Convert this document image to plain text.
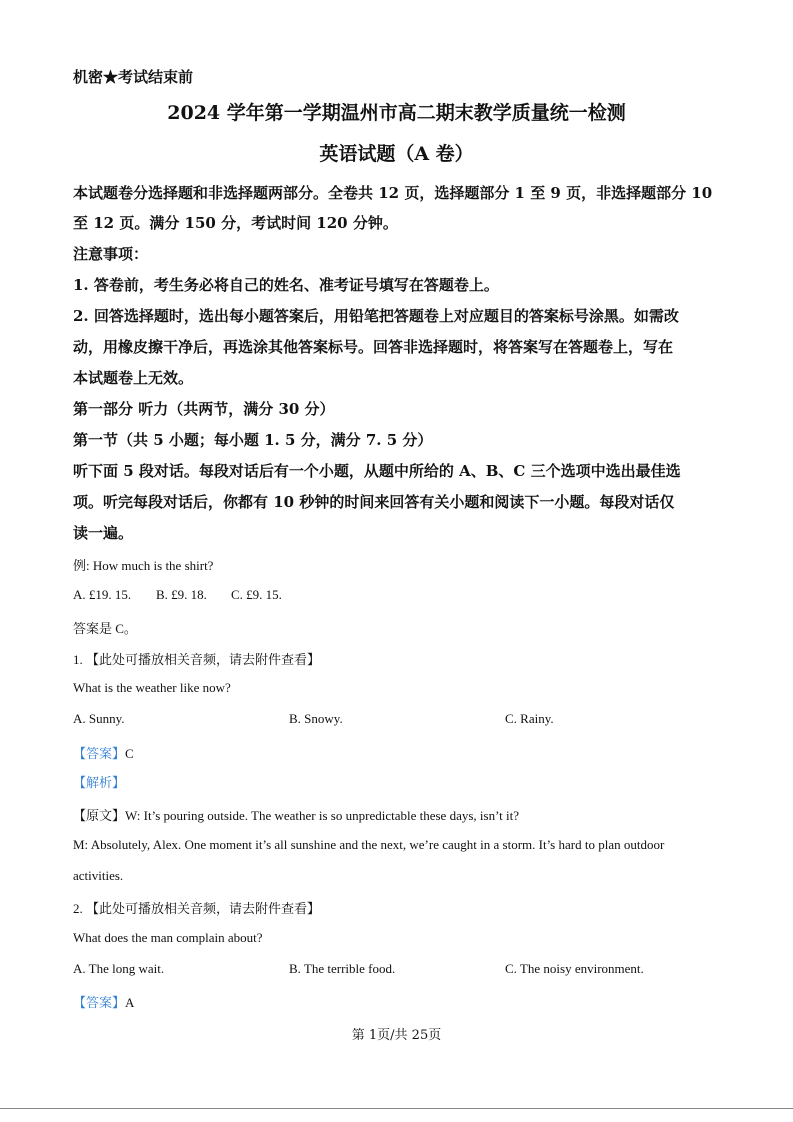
机密★考试结束前
2024 学年第一学期温州市高二期末教学质量统一检测
英语试题（A 卷）
本试题卷分选择题和非选择题两部分。全卷共 12 页，选择题部分 1 至 9 页，非选择题部分 10
至 12 页。满分 150 分，考试时间 120 分钟。
注意事项：
1. 答卷前，考生务必将自己的姓名、准考证号填写在答题卷上。
2. 回答选择题时，选出每小题答案后，用铅笔把答题卷上对应题目的答案标号涂黑。如需改
动，用橡皮擦干净后，再选涂其他答案标号。回答非选择题时，将答案写在答题卷上，写在
本试题卷上无效。
第一部分 听力（共两节，满分 30 分）
第一节（共 5 小题；每小题 1. 5 分，满分 7. 5 分）
听下面 5 段对话。每段对话后有一个小题，从题中所给的 A、B、C 三个选项中选出最佳选
项。听完每段对话后，你都有 10 秒钟的时间来回答有关小题和阅读下一小题。每段对话仅
读一遍。
例: How much is the shirt?
A. £19. 15. B. £9. 18. C. £9. 15.
答案是 C。
1. 【此处可播放相关音频，请去附件查看】
What is the weather like now?
A. Sunny.	B. Snowy.	C. Rainy.
【答案】C
【解析】
【原文】W: It’s pouring outside. The weather is so unpredictable these days, isn’t it?
M: Absolutely, Alex. One moment it’s all sunshine and the next, we’re caught in a storm. It’s hard to plan outdoor
activities.
2. 【此处可播放相关音频，请去附件查看】
What does the man complain about?
A. The long wait.	B. The terrible food.	C. The noisy environment.
【答案】A
第 1页/共 25页
